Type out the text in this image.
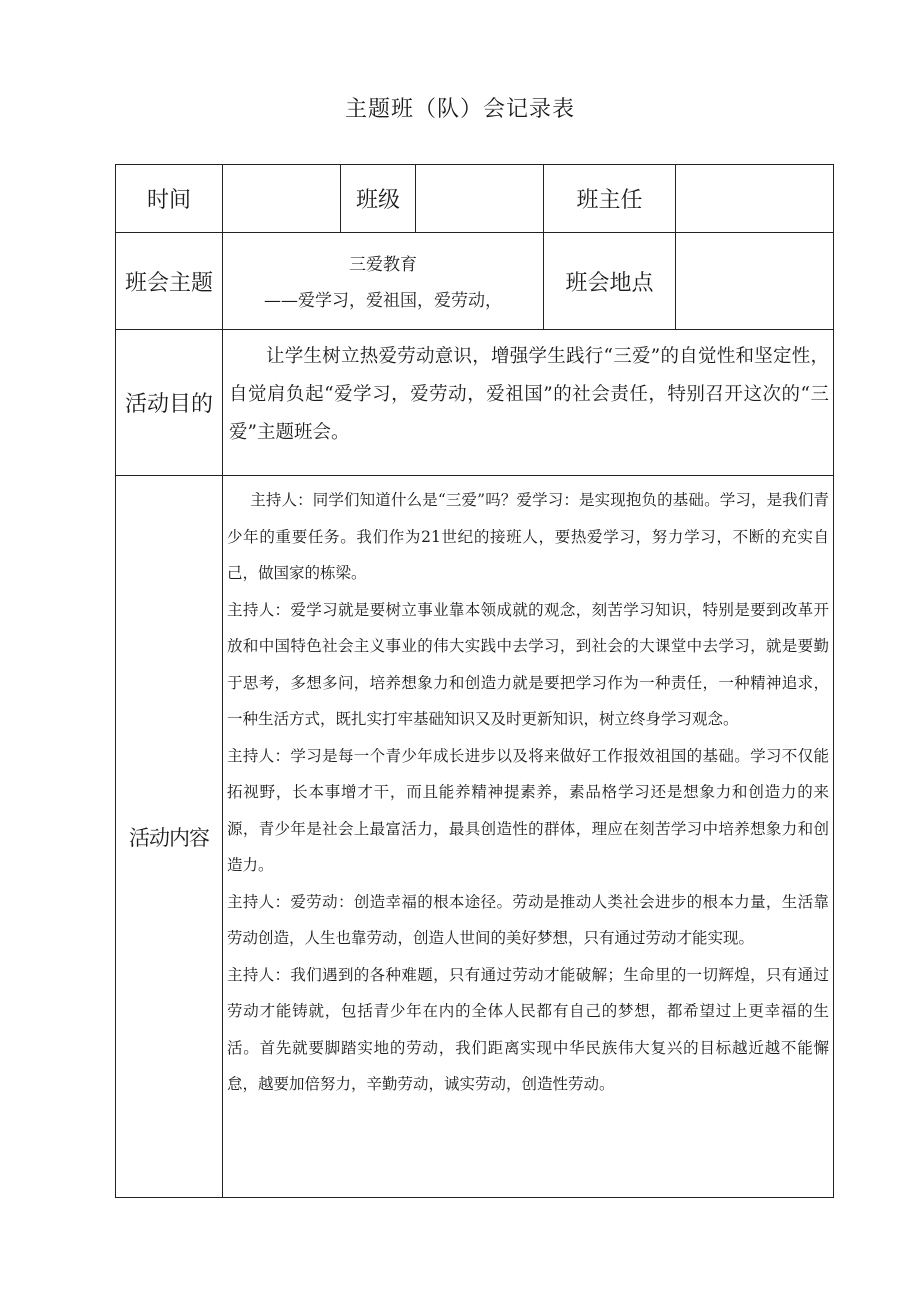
主题班（队）会记录表
时间		班级		班主任	
班会主题	三爱教育
——爱学习，爱祖国，爱劳动，			班会地点	
活动目的	让学生树立热爱劳动意识，增强学生践行“三爱”的自觉性和坚定性，自觉肩负起“爱学习，爱劳动，爱祖国”的社会责任，特别召开这次的“三爱”主题班会。				

活动内容	主持人：同学们知道什么是“三爱”吗？爱学习：是实现抱负的基础。学习，是我们青少年的重要任务。我们作为21世纪的接班人，要热爱学习，努力学习，不断的充实自己，做国家的栋梁。

主持人：爱学习就是要树立事业靠本领成就的观念，刻苦学习知识，特别是要到改革开放和中国特色社会主义事业的伟大实践中去学习，到社会的大课堂中去学习，就是要勤于思考，多想多问，培养想象力和创造力就是要把学习作为一种责任，一种精神追求，一种生活方式，既扎实打牢基础知识又及时更新知识，树立终身学习观念。

主持人：学习是每一个青少年成长进步以及将来做好工作报效祖国的基础。学习不仅能拓视野，长本事增才干，而且能养精神提素养，素品格学习还是想象力和创造力的来源，青少年是社会上最富活力，最具创造性的群体，理应在刻苦学习中培养想象力和创造力。

主持人：爱劳动：创造幸福的根本途径。劳动是推动人类社会进步的根本力量，生活靠劳动创造，人生也靠劳动，创造人世间的美好梦想，只有通过劳动才能实现。

主持人：我们遇到的各种难题，只有通过劳动才能破解；生命里的一切辉煌，只有通过劳动才能铸就，包括青少年在内的全体人民都有自己的梦想，都希望过上更幸福的生活。首先就要脚踏实地的劳动，我们距离实现中华民族伟大复兴的目标越近越不能懈怠，越要加倍努力，辛勤劳动，诚实劳动，创造性劳动。				
